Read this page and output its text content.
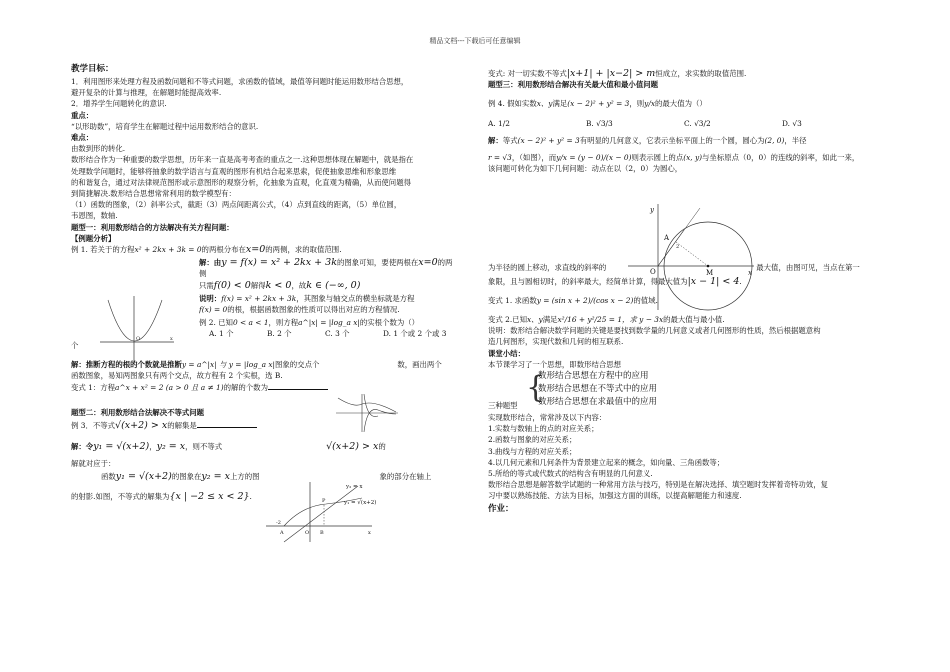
精品文档---下载后可任意编辑

教学目标：

1．利用图形来处理方程及函数问题和不等式问题，求函数的值域，最值等问题时能运用数形结合思想，

避开复杂的计算与推理，在解题时能提高效率.

2．增养学生问题转化的意识.

重点：

“以形助数”，培育学生在解题过程中运用数形结合的意识.

难点：

由数到形的转化.

数形结合作为一种重要的数学思想，历年来一直是高考考查的重点之一.这种思想体现在解题中，就是指在

处理数学问题时，能够将抽象的数学语言与直观的图形有机结合起来思索，促使抽象思维和形象思维

的和谐复合，通过对法律规范图形或示意图形的观察分析，化抽象为直观，化直观为精确，从而使问题得

到简捷解决.数形结合思想常常利用的数学模型有：

（1）函数的图象，（2）斜率公式，截距（3）两点间距离公式，（4）点到直线的距离，（5）单位圆，

韦恩图，数轴.

题型一：利用数形结合的方法解决有关方程问题：

【例题分析】

例 1. 若关于的方程x² + 2kx + 3k = 0的两根分布在x=0的两侧，求的取值范围.

解：由y = f(x) = x² + 2kx + 3k的图象可知，要使两根在x=0的两

侧

只需f(0) < 0解得k < 0，故k ∈ (−∞, 0)

说明：f(x) = x² + 2kx + 3k，其图象与轴交点的横坐标就是方程

f(x) = 0的根，根据函数图象的性质可以得出对应的方程情况.

例 2. 已知0 < a < 1，则方程a^|x| = |log_a x|的实根个数为（）

A. 1 个	B. 2 个	C. 3 个	D. 1 个或 2 个或 3

个

解：推断方程的根的个数就是推断y = a^|x| 与 y = |log_a x|图象的交点个	数，画出两个

函数图象，易知两图象只有两个交点，故方程有 2 个实根，选 B.

变式 1：方程a^x + x² = 2 (a > 0 且 a ≠ 1)的解的个数为

题型二：利用数形结合法解决不等式问题

例 3．不等式√(x+2) > x的解集是

解：令y₁ = √(x+2)，y₂ = x，则不等式	√(x+2) > x的

解就对应于：

函数y₁ = √(x+2)的图象在y₂ = x上方的图	象的部分在轴上

的射影.如图，不等式的解集为{x | −2 ≤ x < 2}.

O	x
y₂ = x
y₁ = √(x+2)
P
A	B
O
-2
x

变式: 对一切实数不等式|x+1| + |x−2| > m恒成立，求实数的取值范围.

题型三：利用数形结合解决有关最大值和最小值问题

例 4. 假如实数x、y满足(x − 2)² + y² = 3，则y/x的最大值为（）

A. 1/2	B. √3/3	C. √3/2	D. √3

解：等式(x − 2)² + y² = 3有明显的几何意义，它表示坐标平面上的一个圆，圆心为(2, 0)，半径

r = √3，（如图），而y/x = (y − 0)/(x − 0)则表示圆上的点(x, y)与坐标原点（0，0）的连线的斜率，如此一来，

该问题可转化为如下几何问题：动点在以（2，0）为圆心，

为半径的圆上移动，求直线的斜率的	最大值，由图可见，当点在第一

象限，且与圆相切时，的斜率最大，经简单计算，得最大值为|x − 1| < 4.

变式 1. 求函数y = (sin x + 2)/(cos x − 2)的值域.

变式 2.已知x、y满足x²/16 + y²/25 = 1，求 y − 3x的最大值与最小值.

说明：数形结合解决数学问题的关键是要找到数学量的几何意义或者几何图形的性质，然后根据题意构

造几何图形，实现代数和几何的相互联系.

课堂小结：

本节课学习了一个思想，即数形结合思想

三种题型
{

数形结合思想在方程中的应用

数形结合思想在不等式中的应用

数形结合思想在求最值中的应用

实现数形结合，常常涉及以下内容：

1.实数与数轴上的点的对应关系；

2.函数与图象的对应关系；

3.曲线与方程的对应关系；

4.以几何元素和几何条件为背景建立起来的概念，如向量、三角函数等；

5.所给的等式或代数式的结构含有明显的几何意义.

数形结合思想是解答数学试题的一种常用方法与技巧，特别是在解决选择、填空题时发挥着奇特功效，复

习中要以熟练技能、方法为目标，加强这方面的训练，以提高解题能力和速度.

作业：

y
A
O	M	x
2
